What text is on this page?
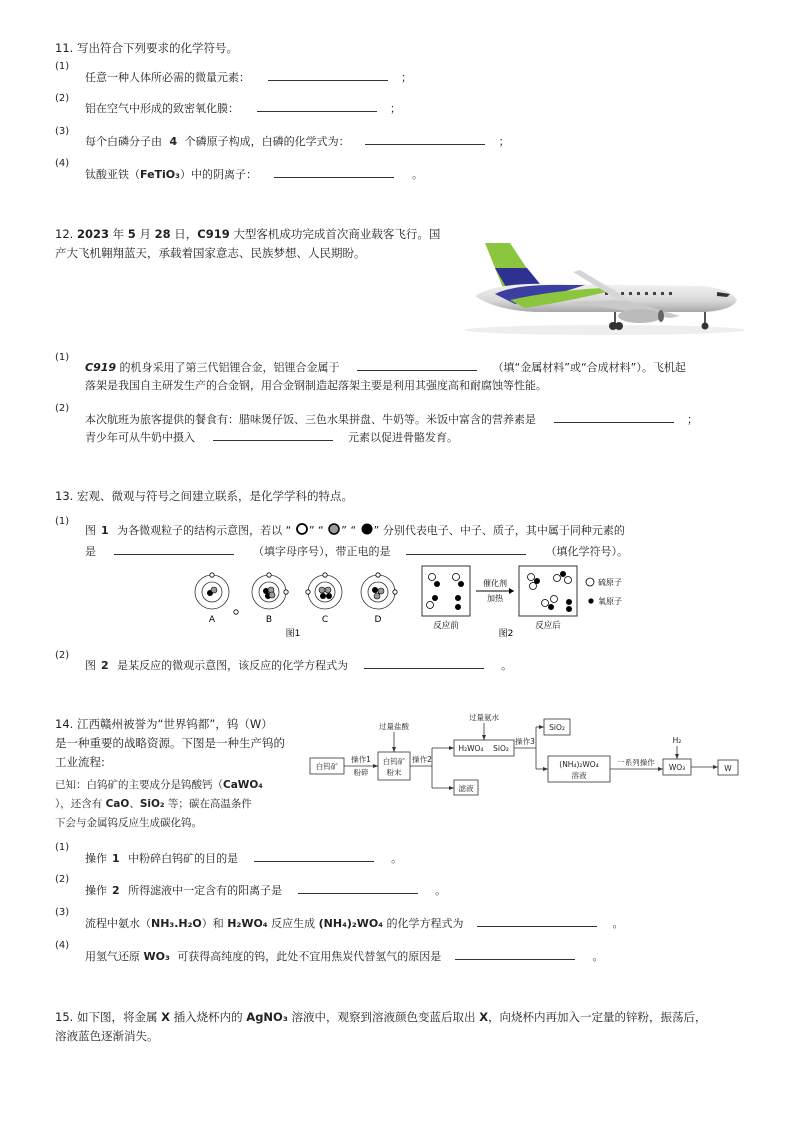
11. 写出符合下列要求的化学符号。
(1)
任意一种人体所必需的微量元素：	；
(2)
铝在空气中形成的致密氧化膜：	；
(3)
每个白磷分子由 4 个磷原子构成，白磷的化学式为：	；
(4)
钛酸亚铁（FeTiO₃）中的阴离子：	。
12. 2023 年 5 月 28 日，C919 大型客机成功完成首次商业载客飞行。国
产大飞机翱翔蓝天，承载着国家意志、民族梦想、人民期盼。
(1)
C919 的机身采用了第三代铝锂合金，铝锂合金属于	（填“金属材料”或“合成材料”）。飞机起
落架是我国自主研发生产的合金钢，用合金钢制造起落架主要是利用其强度高和耐腐蚀等性能。
(2)
本次航班为旅客提供的餐食有：腊味煲仔饭、三色水果拼盘、牛奶等。米饭中富含的营养素是	；
青少年可从牛奶中摄入	元素以促进骨骼发育。
13. 宏观、微观与符号之间建立联系，是化学学科的特点。
(1)
图 1 为各微观粒子的结构示意图，若以 “ ” “ ” “ ” 分别代表电子、中子、质子，其中属于同种元素的
是	（填字母序号），带正电的是	（填化学符号）。
A	B	C	D
图1
催化剂
加热
硫原子
氧原子
反应前	反应后
图2
(2)
图 2 是某反应的微观示意图，该反应的化学方程式为	。
14. 江西赣州被誉为“世界钨都”，钨（W）
是一种重要的战略资源。下图是一种生产钨的
工业流程:
已知：白钨矿的主要成分是钨酸钙（CaWO₄
），还含有 CaO、SiO₂ 等；碳在高温条件
下会与金属钨反应生成碳化钨。
白钨矿
操作1
粉碎
白钨矿
粉末
过量盐酸
操作2
滤液
过量氨水
H₂WO₄ SiO₂
操作3
SiO₂
(NH₄)₂WO₄
溶液
一系列操作
WO₃
H₂
W
(1)
操作 1 中粉碎白钨矿的目的是	。
(2)
操作 2 所得滤液中一定含有的阳离子是	。
(3)
流程中氨水（NH₃.H₂O）和 H₂WO₄ 反应生成 (NH₄)₂WO₄ 的化学方程式为	。
(4)
用氢气还原 WO₃ 可获得高纯度的钨，此处不宜用焦炭代替氢气的原因是	。
15. 如下图，将金属 X 插入烧杯内的 AgNO₃ 溶液中，观察到溶液颜色变蓝后取出 X，向烧杯内再加入一定量的锌粉，振荡后，
溶液蓝色逐渐消失。
